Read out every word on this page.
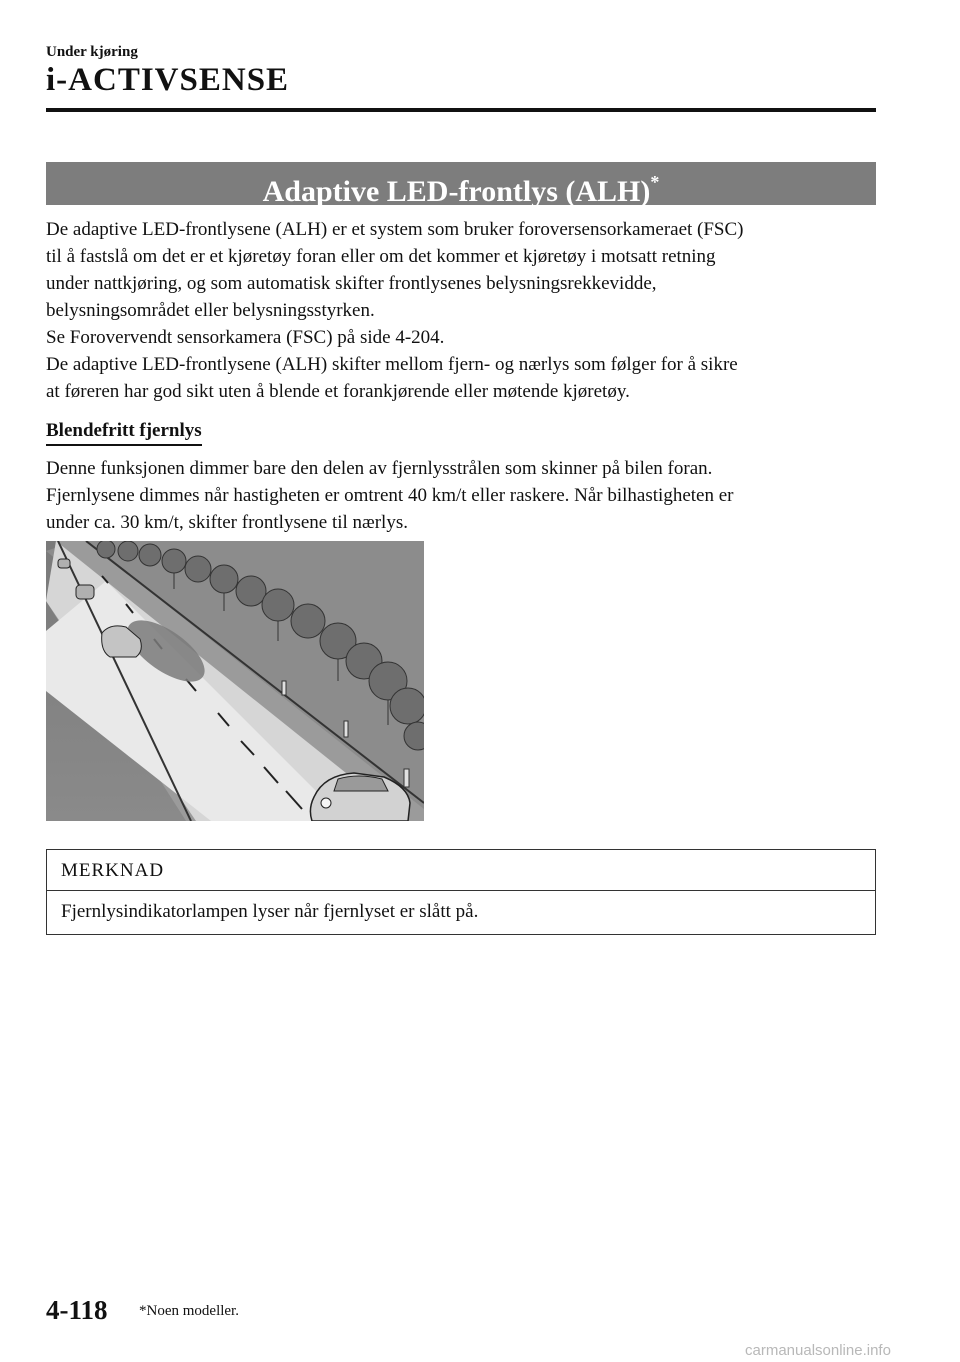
Under kjøring
i-ACTIVSENSE
Adaptive LED-frontlys (ALH)*
De adaptive LED-frontlysene (ALH) er et system som bruker foroversensorkameraet (FSC)
til å fastslå om det er et kjøretøy foran eller om det kommer et kjøretøy i motsatt retning
under nattkjøring, og som automatisk skifter frontlysenes belysningsrekkevidde,
belysningsområdet eller belysningsstyrken.
Se Forovervendt sensorkamera (FSC) på side 4-204.
De adaptive LED-frontlysene (ALH) skifter mellom fjern- og nærlys som følger for å sikre
at føreren har god sikt uten å blende et forankjørende eller møtende kjøretøy.
Blendefritt fjernlys
Denne funksjonen dimmer bare den delen av fjernlysstrålen som skinner på bilen foran.
Fjernlysene dimmes når hastigheten er omtrent 40 km/t eller raskere. Når bilhastigheten er
under ca. 30 km/t, skifter frontlysene til nærlys.
MERKNAD
Fjernlysindikatorlampen lyser når fjernlyset er slått på.
4-118 *Noen modeller.
carmanualsonline.info
